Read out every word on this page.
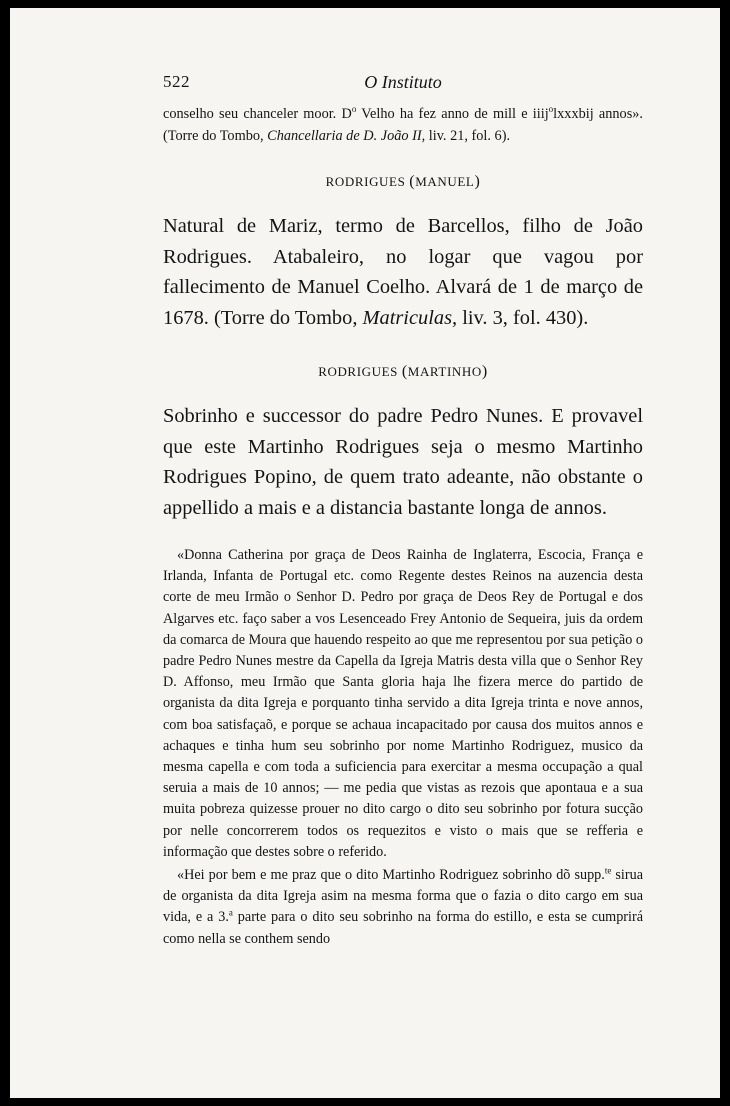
522	O Instituto

conselho seu chanceler moor. $D^o$ Velho ha fez anno de mill e iiij$^o$lxxxbij annos». (Torre do Tombo, Chancellaria de D. João II, liv. 21, fol. 6).

RODRIGUES (MANUEL)

Natural de Mariz, termo de Barcellos, filho de João Rodrigues. Atabaleiro, no logar que vagou por fallecimento de Manuel Coelho. Alvará de 1 de março de 1678. (Torre do Tombo, Matriculas, liv. 3, fol. 430).

RODRIGUES (MARTINHO)

Sobrinho e successor do padre Pedro Nunes. E provavel que este Martinho Rodrigues seja o mesmo Martinho Rodrigues Popino, de quem trato adeante, não obstante o appellido a mais e a distancia bastante longa de annos.

«Donna Catherina por graça de Deos Rainha de Inglaterra, Escocia, França e Irlanda, Infanta de Portugal etc. como Regente destes Reinos na auzencia desta corte de meu Irmão o Senhor D. Pedro por graça de Deos Rey de Portugal e dos Algarves etc. faço saber a vos Lesenceado Frey Antonio de Sequeira, juis da ordem da comarca de Moura que hauendo respeito ao que me representou por sua petição o padre Pedro Nunes mestre da Capella da Igreja Matris desta villa que o Senhor Rey D. Affonso, meu Irmão que Santa gloria haja lhe fizera merce do partido de organista da dita Igreja e porquanto tinha servido a dita Igreja trinta e nove annos, com boa satisfaçaõ, e porque se achaua incapacitado por causa dos muitos annos e achaques e tinha hum seu sobrinho por nome Martinho Rodriguez, musico da mesma capella e com toda a suficiencia para exercitar a mesma occupação a qual seruia a mais de 10 annos; — me pedia que vistas as rezois que apontaua e a sua muita pobreza quizesse prouer no dito cargo o dito seu sobrinho por fotura sucção por nelle concorrerem todos os requezitos e visto o mais que se refferia e informação que destes sobre o referido.

«Hei por bem e me praz que o dito Martinho Rodriguez sobrinho dõ supp.$^{te}$ sirua de organista da dita Igreja asim na mesma forma que o fazia o dito cargo em sua vida, e a 3.$^a$ parte para o dito seu sobrinho na forma do estillo, e esta se cumprirá como nella se conthem sendo
